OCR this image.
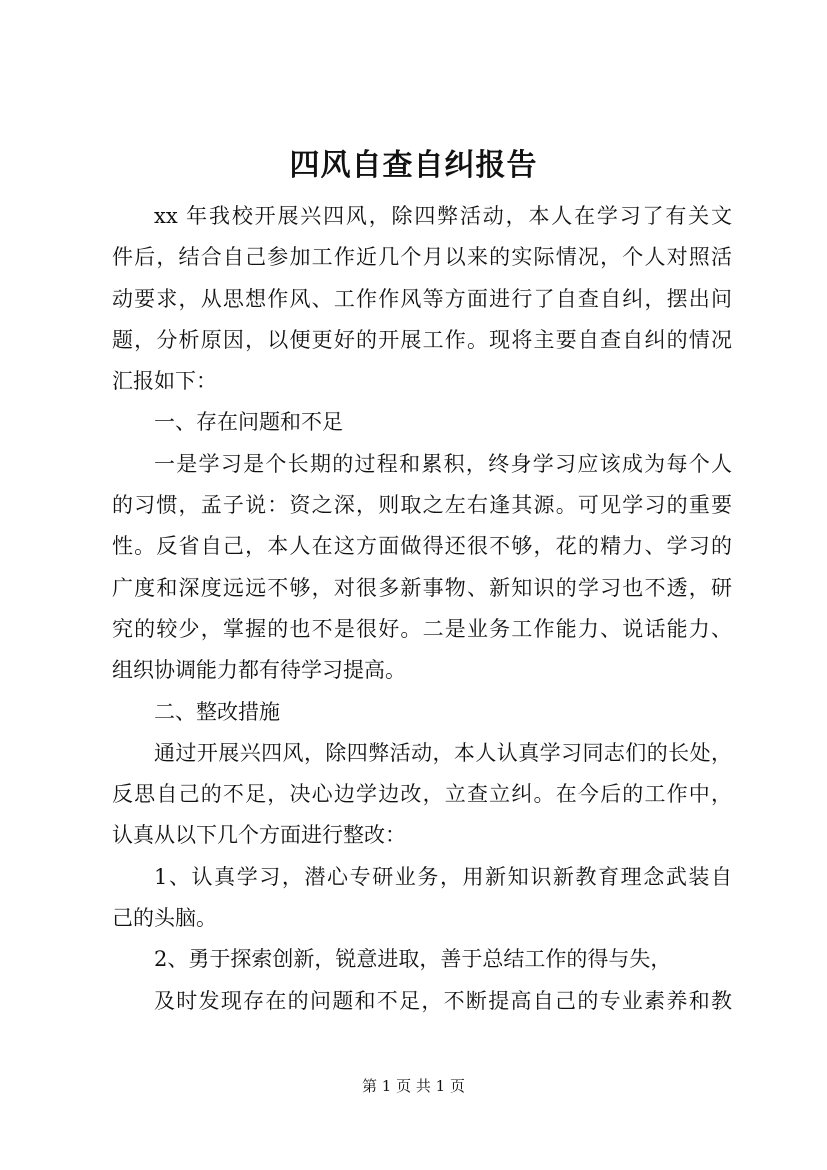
四风自查自纠报告
xx 年我校开展兴四风，除四弊活动，本人在学习了有关文
件后，结合自己参加工作近几个月以来的实际情况，个人对照活
动要求，从思想作风、工作作风等方面进行了自查自纠，摆出问
题，分析原因，以便更好的开展工作。现将主要自查自纠的情况
汇报如下：
一、存在问题和不足
一是学习是个长期的过程和累积，终身学习应该成为每个人
的习惯，孟子说：资之深，则取之左右逢其源。可见学习的重要
性。反省自己，本人在这方面做得还很不够，花的精力、学习的
广度和深度远远不够，对很多新事物、新知识的学习也不透，研
究的较少，掌握的也不是很好。二是业务工作能力、说话能力、
组织协调能力都有待学习提高。
二、整改措施
通过开展兴四风，除四弊活动，本人认真学习同志们的长处，
反思自己的不足，决心边学边改，立查立纠。在今后的工作中，
认真从以下几个方面进行整改：
1、认真学习，潜心专研业务，用新知识新教育理念武装自
己的头脑。
2、勇于探索创新，锐意进取，善于总结工作的得与失，
及时发现存在的问题和不足，不断提高自己的专业素养和教
第 1 页 共 1 页
